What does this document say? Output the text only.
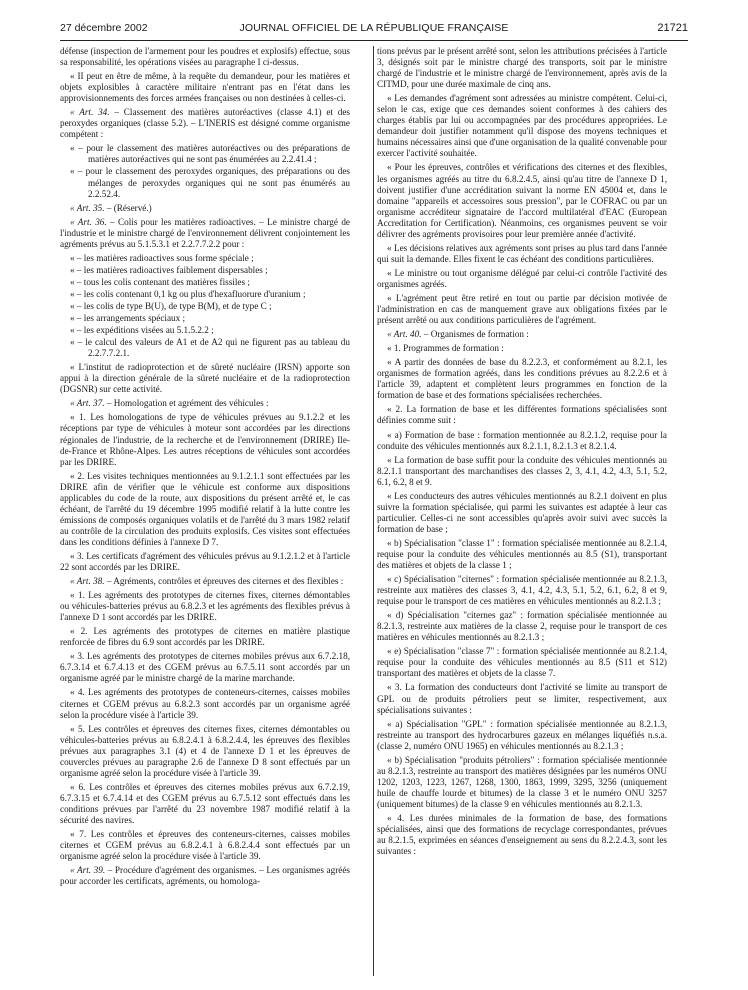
27 décembre 2002	JOURNAL OFFICIEL DE LA RÉPUBLIQUE FRANÇAISE	21721

défense (inspection de l'armement pour les poudres et explosifs) effectue, sous sa responsabilité, les opérations visées au paragraphe I ci-dessus.

« II peut en être de même, à la requête du demandeur, pour les matières et objets explosibles à caractère militaire n'entrant pas en l'état dans les approvisionnements des forces armées françaises ou non destinées à celles-ci.

« Art. 34. – Classement des matières autoréactives (classe 4.1) et des peroxydes organiques (classe 5.2). – L'INERIS est désigné comme organisme compétent :

« – pour le classement des matières autoréactives ou des préparations de matières autoréactives qui ne sont pas énumérées au 2.2.41.4 ;
« – pour le classement des peroxydes organiques, des préparations ou des mélanges de peroxydes organiques qui ne sont pas énumérés au 2.2.52.4.

« Art. 35. – (Réservé.)

« Art. 36. – Colis pour les matières radioactives. – Le ministre chargé de l'industrie et le ministre chargé de l'environnement délivrent conjointement les agréments prévus au 5.1.5.3.1 et 2.2.7.7.2.2 pour :

« – les matières radioactives sous forme spéciale ;
« – les matières radioactives faiblement dispersables ;
« – tous les colis contenant des matières fissiles ;
« – les colis contenant 0,1 kg ou plus d'hexafluorure d'uranium ;
« – les colis de type B(U), de type B(M), et de type C ;
« – les arrangements spéciaux ;
« – les expéditions visées au 5.1.5.2.2 ;
« – le calcul des valeurs de A1 et de A2 qui ne figurent pas au tableau du 2.2.7.7.2.1.

« L'institut de radioprotection et de sûreté nucléaire (IRSN) apporte son appui à la direction générale de la sûreté nucléaire et de la radioprotection (DGSNR) sur cette activité.

« Art. 37. – Homologation et agrément des véhicules :

« 1. Les homologations de type de véhicules prévues au 9.1.2.2 et les réceptions par type de véhicules à moteur sont accordées par les directions régionales de l'industrie, de la recherche et de l'environnement (DRIRE) Ile-de-France et Rhône-Alpes. Les autres réceptions de véhicules sont accordées par les DRIRE.

« 2. Les visites techniques mentionnées au 9.1.2.1.1 sont effectuées par les DRIRE afin de vérifier que le véhicule est conforme aux dispositions applicables du code de la route, aux dispositions du présent arrêté et, le cas échéant, de l'arrêté du 19 décembre 1995 modifié relatif à la lutte contre les émissions de composés organiques volatils et de l'arrêté du 3 mars 1982 relatif au contrôle de la circulation des produits explosifs. Ces visites sont effectuées dans les conditions définies à l'annexe D 7.

« 3. Les certificats d'agrément des véhicules prévus au 9.1.2.1.2 et à l'article 22 sont accordés par les DRIRE.

« Art. 38. – Agréments, contrôles et épreuves des citernes et des flexibles :

« 1. Les agréments des prototypes de citernes fixes, citernes démontables ou véhicules-batteries prévus au 6.8.2.3 et les agréments des flexibles prévus à l'annexe D 1 sont accordés par les DRIRE.

« 2. Les agréments des prototypes de citernes en matière plastique renforcée de fibres du 6.9 sont accordés par les DRIRE.

« 3. Les agréments des prototypes de citernes mobiles prévus aux 6.7.2.18, 6.7.3.14 et 6.7.4.13 et des CGEM prévus au 6.7.5.11 sont accordés par un organisme agréé par le ministre chargé de la marine marchande.

« 4. Les agréments des prototypes de conteneurs-citernes, caisses mobiles citernes et CGEM prévus au 6.8.2.3 sont accordés par un organisme agréé selon la procédure visée à l'article 39.

« 5. Les contrôles et épreuves des citernes fixes, citernes démontables ou véhicules-batteries prévus au 6.8.2.4.1 à 6.8.2.4.4, les épreuves des flexibles prévues aux paragraphes 3.1 (4) et 4 de l'annexe D 1 et les épreuves de couvercles prévues au paragraphe 2.6 de l'annexe D 8 sont effectués par un organisme agréé selon la procédure visée à l'article 39.

« 6. Les contrôles et épreuves des citernes mobiles prévus aux 6.7.2.19, 6.7.3.15 et 6.7.4.14 et des CGEM prévus au 6.7.5.12 sont effectués dans les conditions prévues par l'arrêté du 23 novembre 1987 modifié relatif à la sécurité des navires.

« 7. Les contrôles et épreuves des conteneurs-citernes, caisses mobiles citernes et CGEM prévus au 6.8.2.4.1 à 6.8.2.4.4 sont effectués par un organisme agréé selon la procédure visée à l'article 39.

« Art. 39. – Procédure d'agrément des organismes. – Les organismes agréés pour accorder les certificats, agréments, ou homologa-

tions prévus par le présent arrêté sont, selon les attributions précisées à l'article 3, désignés soit par le ministre chargé des transports, soit par le ministre chargé de l'industrie et le ministre chargé de l'environnement, après avis de la CITMD, pour une durée maximale de cinq ans.

« Les demandes d'agrément sont adressées au ministre compétent. Celui-ci, selon le cas, exige que ces demandes soient conformes à des cahiers des charges établis par lui ou accompagnées par des procédures appropriées. Le demandeur doit justifier notamment qu'il dispose des moyens techniques et humains nécessaires ainsi que d'une organisation de la qualité convenable pour exercer l'activité souhaitée.

« Pour les épreuves, contrôles et vérifications des citernes et des flexibles, les organismes agréés au titre du 6.8.2.4.5, ainsi qu'au titre de l'annexe D 1, doivent justifier d'une accréditation suivant la norme EN 45004 et, dans le domaine "appareils et accessoires sous pression", par le COFRAC ou par un organisme accréditeur signataire de l'accord multilatéral d'EAC (European Accreditation for Certification). Néanmoins, ces organismes peuvent se voir délivrer des agréments provisoires pour leur première année d'activité.

« Les décisions relatives aux agréments sont prises au plus tard dans l'année qui suit la demande. Elles fixent le cas échéant des conditions particulières.

« Le ministre ou tout organisme délégué par celui-ci contrôle l'activité des organismes agréés.

« L'agrément peut être retiré en tout ou partie par décision motivée de l'administration en cas de manquement grave aux obligations fixées par le présent arrêté ou aux conditions particulières de l'agrément.

« Art. 40. – Organismes de formation :

« 1. Programmes de formation :

« A partir des données de base du 8.2.2.3, et conformément au 8.2.1, les organismes de formation agréés, dans les conditions prévues au 8.2.2.6 et à l'article 39, adaptent et complètent leurs programmes en fonction de la formation de base et des formations spécialisées recherchées.

« 2. La formation de base et les différentes formations spécialisées sont définies comme suit :

« a) Formation de base : formation mentionnée au 8.2.1.2, requise pour la conduite des véhicules mentionnés aux 8.2.1.1, 8.2.1.3 et 8.2.1.4.

« La formation de base suffit pour la conduite des véhicules mentionnés au 8.2.1.1 transportant des marchandises des classes 2, 3, 4.1, 4.2, 4.3, 5.1, 5.2, 6.1, 6.2, 8 et 9.

« Les conducteurs des autres véhicules mentionnés au 8.2.1 doivent en plus suivre la formation spécialisée, qui parmi les suivantes est adaptée à leur cas particulier. Celles-ci ne sont accessibles qu'après avoir suivi avec succès la formation de base ;

« b) Spécialisation "classe 1" : formation spécialisée mentionnée au 8.2.1.4, requise pour la conduite des véhicules mentionnés au 8.5 (S1), transportant des matières et objets de la classe 1 ;

« c) Spécialisation "citernes" : formation spécialisée mentionnée au 8.2.1.3, restreinte aux matières des classes 3, 4.1, 4.2, 4.3, 5.1, 5.2, 6.1, 6.2, 8 et 9, requise pour le transport de ces matières en véhicules mentionnés au 8.2.1.3 ;

« d) Spécialisation "citernes gaz" : formation spécialisée mentionnée au 8.2.1.3, restreinte aux matières de la classe 2, requise pour le transport de ces matières en véhicules mentionnés au 8.2.1.3 ;

« e) Spécialisation "classe 7" : formation spécialisée mentionnée au 8.2.1.4, requise pour la conduite des véhicules mentionnés au 8.5 (S11 et S12) transportant des matières et objets de la classe 7.

« 3. La formation des conducteurs dont l'activité se limite au transport de GPL ou de produits pétroliers peut se limiter, respectivement, aux spécialisations suivantes :

« a) Spécialisation "GPL" : formation spécialisée mentionnée au 8.2.1.3, restreinte au transport des hydrocarbures gazeux en mélanges liquéfiés n.s.a. (classe 2, numéro ONU 1965) en véhicules mentionnés au 8.2.1.3 ;

« b) Spécialisation "produits pétroliers" : formation spécialisée mentionnée au 8.2.1.3, restreinte au transport des matières désignées par les numéros ONU 1202, 1203, 1223, 1267, 1268, 1300, 1863, 1999, 3295, 3256 (uniquement huile de chauffe lourde et bitumes) de la classe 3 et le numéro ONU 3257 (uniquement bitumes) de la classe 9 en véhicules mentionnés au 8.2.1.3.

« 4. Les durées minimales de la formation de base, des formations spécialisées, ainsi que des formations de recyclage correspondantes, prévues au 8.2.1.5, exprimées en séances d'enseignement au sens du 8.2.2.4.3, sont les suivantes :
